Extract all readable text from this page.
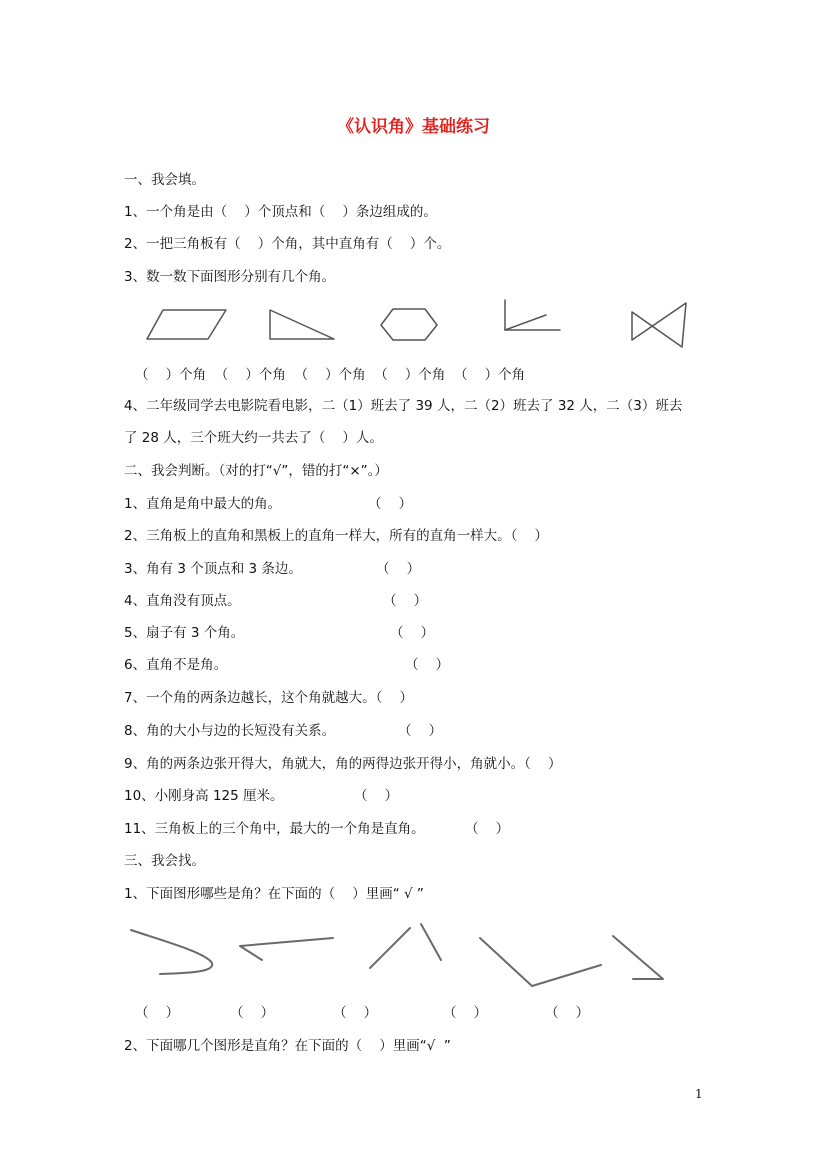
《认识角》基础练习
一、我会填。
1、一个角是由（    ）个顶点和（    ）条边组成的。
2、一把三角板有（    ）个角，其中直角有（    ）个。
3、数一数下面图形分别有几个角。
（    ）个角  （    ）个角  （    ）个角  （    ）个角  （    ）个角
4、二年级同学去电影院看电影，二（1）班去了 39 人，二（2）班去了 32 人，二（3）班去
了 28 人，三个班大约一共去了（    ）人。
二、我会判断。（对的打“√”，错的打“×”。）
1、直角是角中最大的角。	（    ）
2、三角板上的直角和黑板上的直角一样大，所有的直角一样大。（    ）
3、角有 3 个顶点和 3 条边。	（    ）
4、直角没有顶点。	（    ）
5、扇子有 3 个角。	（    ）
6、直角不是角。	（    ）
7、一个角的两条边越长，这个角就越大。（    ）
8、角的大小与边的长短没有关系。	（    ）
9、角的两条边张开得大，角就大，角的两得边张开得小，角就小。（    ）
10、小刚身高 125 厘米。	（    ）
11、三角板上的三个角中，最大的一个角是直角。	（    ）
三、我会找。
1、下面图形哪些是角？在下面的（    ）里画“ √ ”
（    ）	（    ）	（    ）	（    ）	（    ）
2、下面哪几个图形是直角？在下面的（    ）里画“√  ”
1
